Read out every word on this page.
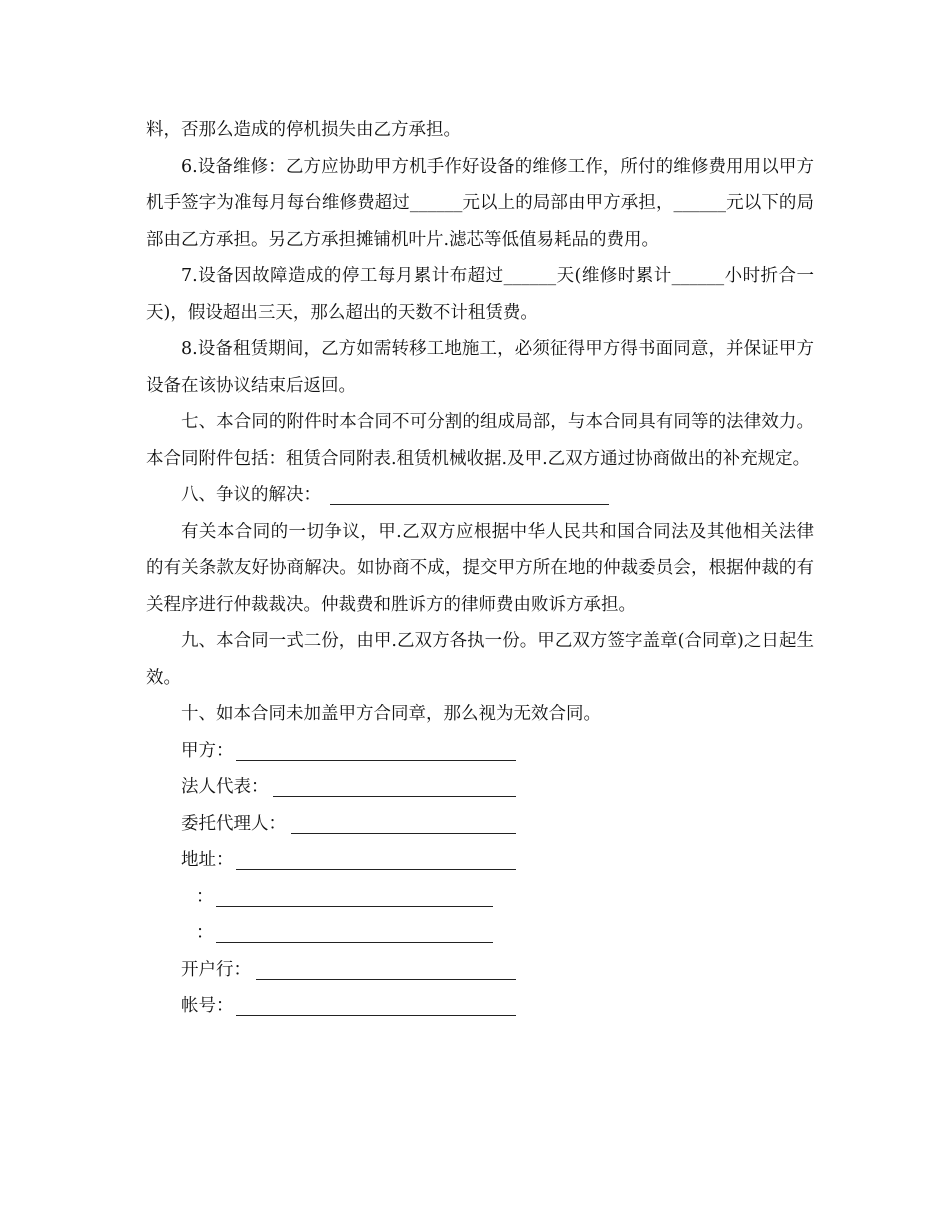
料，否那么造成的停机损失由乙方承担。

6.设备维修：乙方应协助甲方机手作好设备的维修工作，所付的维修费用用以甲方机手签字为准每月每台维修费超过______元以上的局部由甲方承担，______元以下的局部由乙方承担。另乙方承担摊铺机叶片.滤芯等低值易耗品的费用。

7.设备因故障造成的停工每月累计布超过______天(维修时累计______小时折合一天)，假设超出三天，那么超出的天数不计租赁费。

8.设备租赁期间，乙方如需转移工地施工，必须征得甲方得书面同意，并保证甲方设备在该协议结束后返回。

七、本合同的附件时本合同不可分割的组成局部，与本合同具有同等的法律效力。本合同附件包括：租赁合同附表.租赁机械收据.及甲.乙双方通过协商做出的补充规定。

八、争议的解决：

有关本合同的一切争议，甲.乙双方应根据中华人民共和国合同法及其他相关法律的有关条款友好协商解决。如协商不成，提交甲方所在地的仲裁委员会，根据仲裁的有关程序进行仲裁裁决。仲裁费和胜诉方的律师费由败诉方承担。

九、本合同一式二份，由甲.乙双方各执一份。甲乙双方签字盖章(合同章)之日起生效。

十、如本合同未加盖甲方合同章，那么视为无效合同。

甲方：
法人代表：
委托代理人：
地址：
：
：
开户行：
帐号：
